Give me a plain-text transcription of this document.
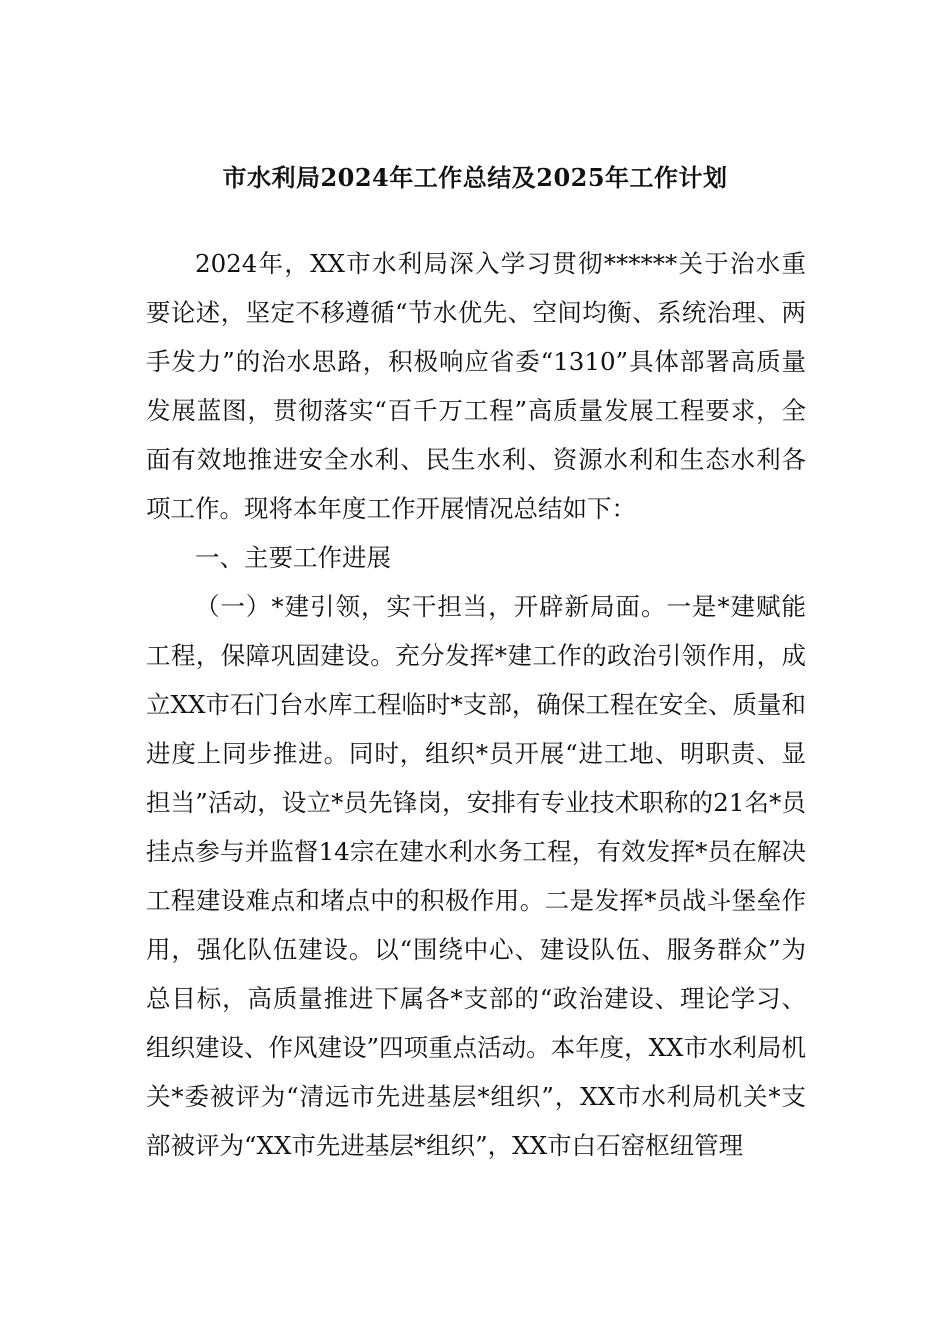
市水利局2024年工作总结及2025年工作计划

2024年，XX市水利局深入学习贯彻******关于治水重要论述，坚定不移遵循“节水优先、空间均衡、系统治理、两手发力”的治水思路，积极响应省委“1310”具体部署高质量发展蓝图，贯彻落实“百千万工程”高质量发展工程要求，全面有效地推进安全水利、民生水利、资源水利和生态水利各项工作。现将本年度工作开展情况总结如下：

一、主要工作进展

（一）*建引领，实干担当，开辟新局面。一是*建赋能工程，保障巩固建设。充分发挥*建工作的政治引领作用，成立XX市石门台水库工程临时*支部，确保工程在安全、质量和进度上同步推进。同时，组织*员开展“进工地、明职责、显担当”活动，设立*员先锋岗，安排有专业技术职称的21名*员挂点参与并监督14宗在建水利水务工程，有效发挥*员在解决工程建设难点和堵点中的积极作用。二是发挥*员战斗堡垒作用，强化队伍建设。以“围绕中心、建设队伍、服务群众”为总目标，高质量推进下属各*支部的“政治建设、理论学习、组织建设、作风建设”四项重点活动。本年度，XX市水利局机关*委被评为“清远市先进基层*组织”，XX市水利局机关*支部被评为“XX市先进基层*组织”，XX市白石窑枢纽管理
